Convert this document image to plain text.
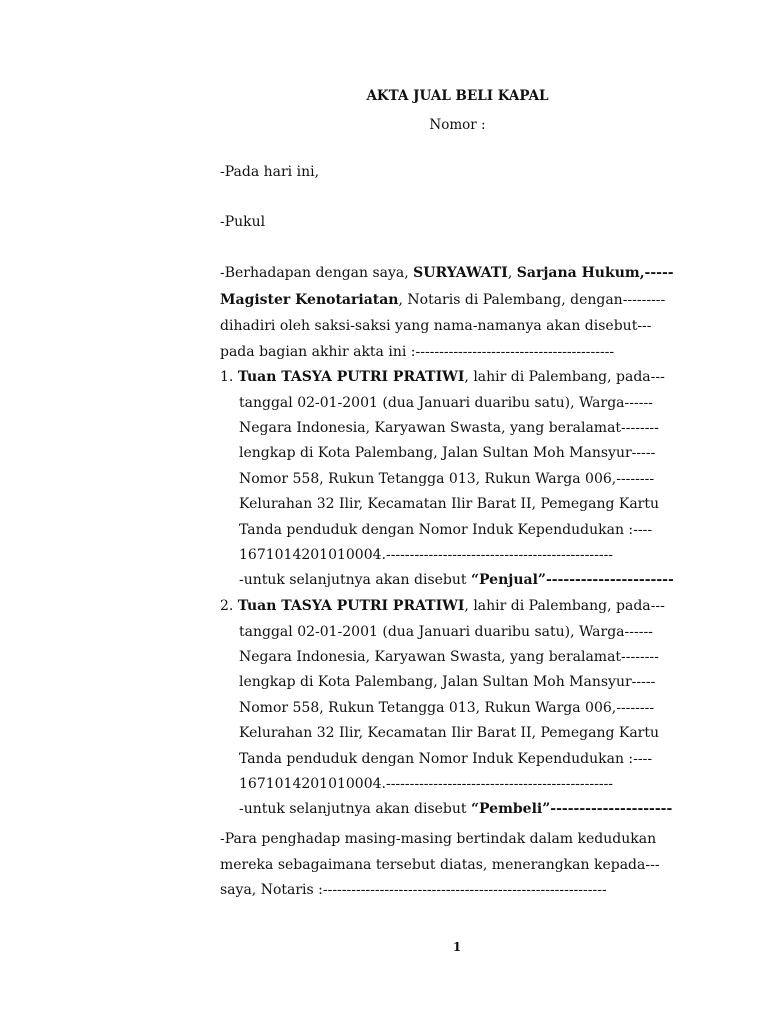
AKTA JUAL BELI KAPAL
Nomor :
-Pada hari ini,
-Pukul
-Berhadapan dengan saya, SURYAWATI, Sarjana Hukum,-----
Magister Kenotariatan, Notaris di Palembang, dengan---------
dihadiri oleh saksi-saksi yang nama-namanya akan disebut---
pada bagian akhir akta ini :------------------------------------------
1. Tuan TASYA PUTRI PRATIWI, lahir di Palembang, pada---
tanggal 02-01-2001 (dua Januari duaribu satu), Warga------
Negara Indonesia, Karyawan Swasta, yang beralamat--------
lengkap di Kota Palembang, Jalan Sultan Moh Mansyur-----
Nomor 558, Rukun Tetangga 013, Rukun Warga 006,--------
Kelurahan 32 Ilir, Kecamatan Ilir Barat II, Pemegang Kartu
Tanda penduduk dengan Nomor Induk Kependudukan :----
1671014201010004.------------------------------------------------
-untuk selanjutnya akan disebut “Penjual”----------------------
2. Tuan TASYA PUTRI PRATIWI, lahir di Palembang, pada---
tanggal 02-01-2001 (dua Januari duaribu satu), Warga------
Negara Indonesia, Karyawan Swasta, yang beralamat--------
lengkap di Kota Palembang, Jalan Sultan Moh Mansyur-----
Nomor 558, Rukun Tetangga 013, Rukun Warga 006,--------
Kelurahan 32 Ilir, Kecamatan Ilir Barat II, Pemegang Kartu
Tanda penduduk dengan Nomor Induk Kependudukan :----
1671014201010004.------------------------------------------------
-untuk selanjutnya akan disebut “Pembeli”---------------------
-Para penghadap masing-masing bertindak dalam kedudukan
mereka sebagaimana tersebut diatas, menerangkan kepada---
saya, Notaris :------------------------------------------------------------
1
